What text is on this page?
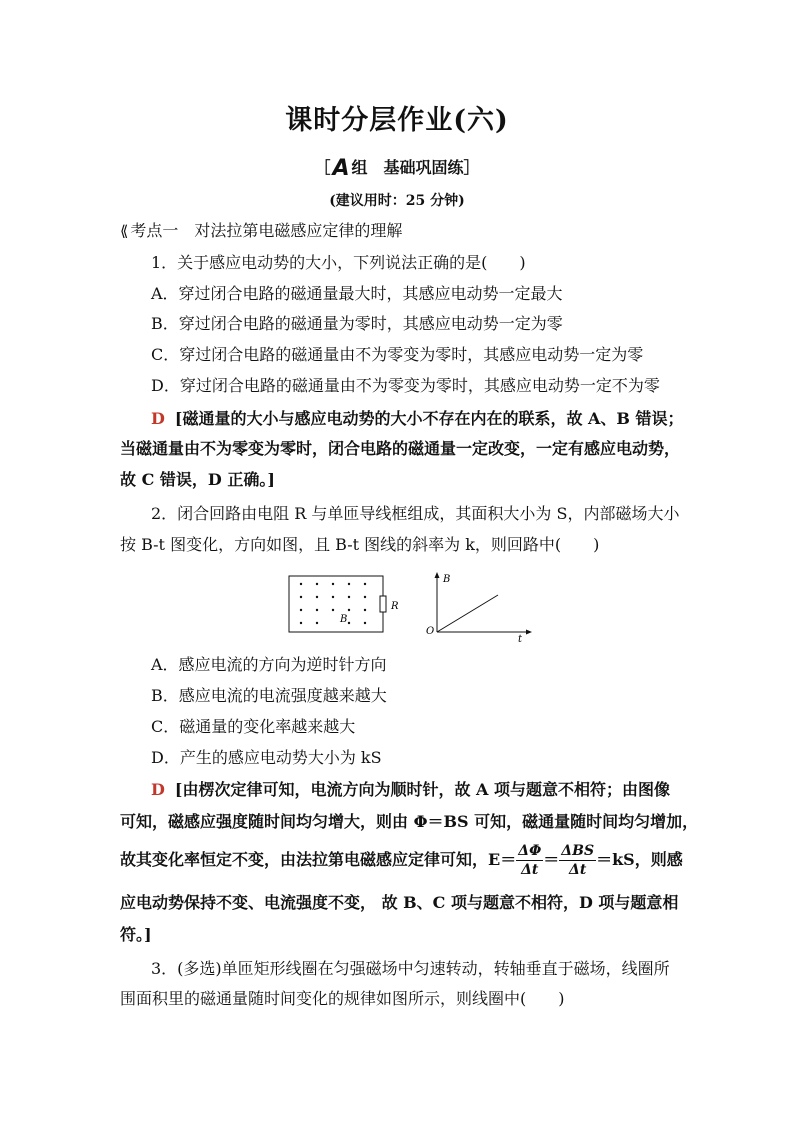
课时分层作业(六)
［A 组　 基础巩固练］
(建议用时：25 分钟)
⟪ 考点一　 对法拉第电磁感应定律的理解
1．关于感应电动势的大小，下列说法正确的是(　　)
A．穿过闭合电路的磁通量最大时，其感应电动势一定最大
B．穿过闭合电路的磁通量为零时，其感应电动势一定为零
C．穿过闭合电路的磁通量由不为零变为零时，其感应电动势一定为零
D．穿过闭合电路的磁通量由不为零变为零时，其感应电动势一定不为零
D [磁通量的大小与感应电动势的大小不存在内在的联系，故 A、B 错误；
当磁通量由不为零变为零时，闭合电路的磁通量一定改变，一定有感应电动势，
故 C 错误，D 正确。]
2．闭合回路由电阻 R 与单匝导线框组成，其面积大小为 S，内部磁场大小
按 B-t 图变化，方向如图，且 B-t 图线的斜率为 k，则回路中(　　)
R
B
B
t
O
A．感应电流的方向为逆时针方向
B．感应电流的电流强度越来越大
C．磁通量的变化率越来越大
D．产生的感应电动势大小为 kS
D [由楞次定律可知，电流方向为顺时针，故 A 项与题意不相符；由图像
可知，磁感应强度随时间均匀增大，则由 Φ＝BS 可知，磁通量随时间均匀增加，
故其变化率恒定不变，由法拉第电磁感应定律可知，$E= \frac{\Delta\Phi}{\Delta t} = \frac{\text{ΔBS}}{\Delta t} =kS$，则感
应电动势保持不变、电流强度不变， 故 B、C 项与题意不相符，D 项与题意相
符。]
3．(多选)单匝矩形线圈在匀强磁场中匀速转动，转轴垂直于磁场，线圈所
围面积里的磁通量随时间变化的规律如图所示，则线圈中(　　)
